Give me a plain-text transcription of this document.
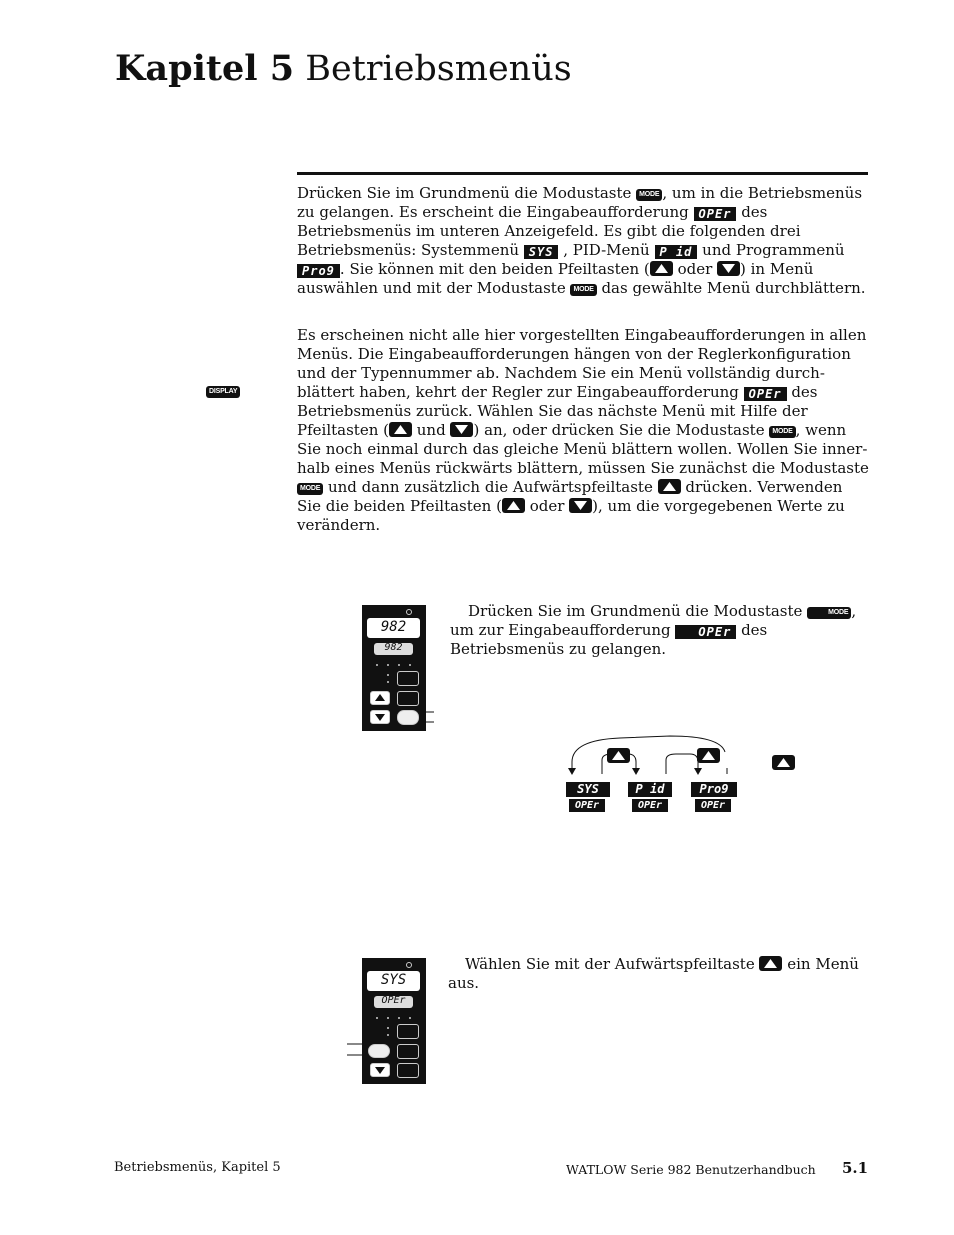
Kapitel 5 Betriebsmenüs
DISPLAY
Drücken Sie im Grundmenü die Modustaste MODE , um in die Betriebsmenüs zu gelangen. Es erscheint die Eingabeaufforderung OPEr des Betriebsmenüs im unteren Anzeigefeld. Es gibt die folgenden drei Betriebsmenüs: Systemmenü SYS , PID-Menü P id und Programmenü Pro9 . Sie können mit den beiden Pfeiltasten (
oder
) in Menü auswählen und mit der Modustaste MODE das gewählte Menü durchblättern.
Es erscheinen nicht alle hier vorgestellten Eingabeaufforderungen in allen Menüs. Die Eingabeaufforderungen hängen von der Reglerkonfiguration und der Typennummer ab. Nachdem Sie ein Menü vollständig durchblättert haben, kehrt der Regler zur Eingabeaufforderung OPEr des Betriebsmenüs zurück. Wählen Sie das nächste Menü mit Hilfe der Pfeiltasten (
und
) an, oder drücken Sie die Modustaste MODE , wenn Sie noch einmal durch das gleiche Menü blättern wollen. Wollen Sie innerhalb eines Menüs rückwärts blättern, müssen Sie zunächst die Modustaste MODE und dann zusätzlich die Aufwärtspfeiltaste
drücken. Verwenden Sie die beiden Pfeiltasten (
oder
), um die vorgegebenen Werte zu verändern.
982
982
Drücken Sie im Grundmenü die Modustaste	MODE , um zur Eingabeaufforderung OPEr des Betriebsmenüs zu gelangen.

SYS
OPEr
P id
OPEr
Pro9
OPEr
SYS
OPEr
Wählen Sie mit der Aufwärtspfeiltaste
ein Menü aus.
Betriebsmenüs, Kapitel 5	WATLOW Serie 982 Benutzerhandbuch 5.1
